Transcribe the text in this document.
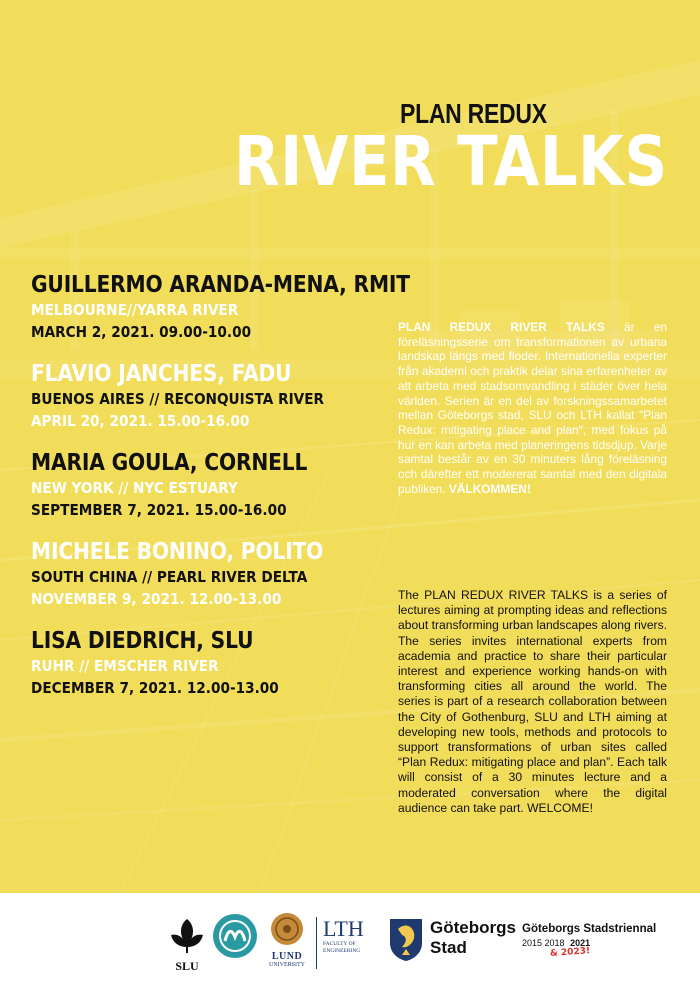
PLAN REDUX
RIVER TALKS
GUILLERMO ARANDA-MENA, RMIT
MELBOURNE//YARRA RIVER
MARCH 2, 2021. 09.00-10.00
FLAVIO JANCHES, FADU
BUENOS AIRES // RECONQUISTA RIVER
APRIL 20, 2021. 15.00-16.00
MARIA GOULA, CORNELL
NEW YORK // NYC ESTUARY
SEPTEMBER 7, 2021. 15.00-16.00
MICHELE BONINO, POLITO
SOUTH CHINA // PEARL RIVER DELTA
NOVEMBER 9, 2021. 12.00-13.00
LISA DIEDRICH, SLU
RUHR // EMSCHER RIVER
DECEMBER 7, 2021. 12.00-13.00
PLAN REDUX RIVER TALKS är en föreläsningsserie om transformationen av urbana landskap längs med floder. Internationella experter från akademi och praktik delar sina erfarenheter av att arbeta med stadsomvandling i städer över hela världen. Serien är en del av forskningssamarbetet mellan Göteborgs stad, SLU och LTH kallat "Plan Redux: mitigating place and plan", med fokus på hur en kan arbeta med planeringens tidsdjup. Varje samtal består av en 30 minuters lång föreläsning och därefter ett modererat samtal med den digitala publiken. VÄLKOMMEN!
The PLAN REDUX RIVER TALKS is a series of lectures aiming at prompting ideas and reflections about transforming urban landscapes along rivers. The series invites international experts from academia and practice to share their particular interest and experience working hands-on with transforming cities all around the world. The series is part of a research collaboration between the City of Gothenburg, SLU and LTH aiming at developing new tools, methods and protocols to support transformations of urban sites called “Plan Redux: mitigating place and plan”. Each talk will consist of a 30 minutes lecture and a moderated conversation where the digital audience can take part. WELCOME!
SLU
LUND
UNIVERSITY
LTH
FACULTY OF ENGINEERING
Göteborgs
Stad
Göteborgs Stadstriennal
2015 2018 2021
& 2023!
